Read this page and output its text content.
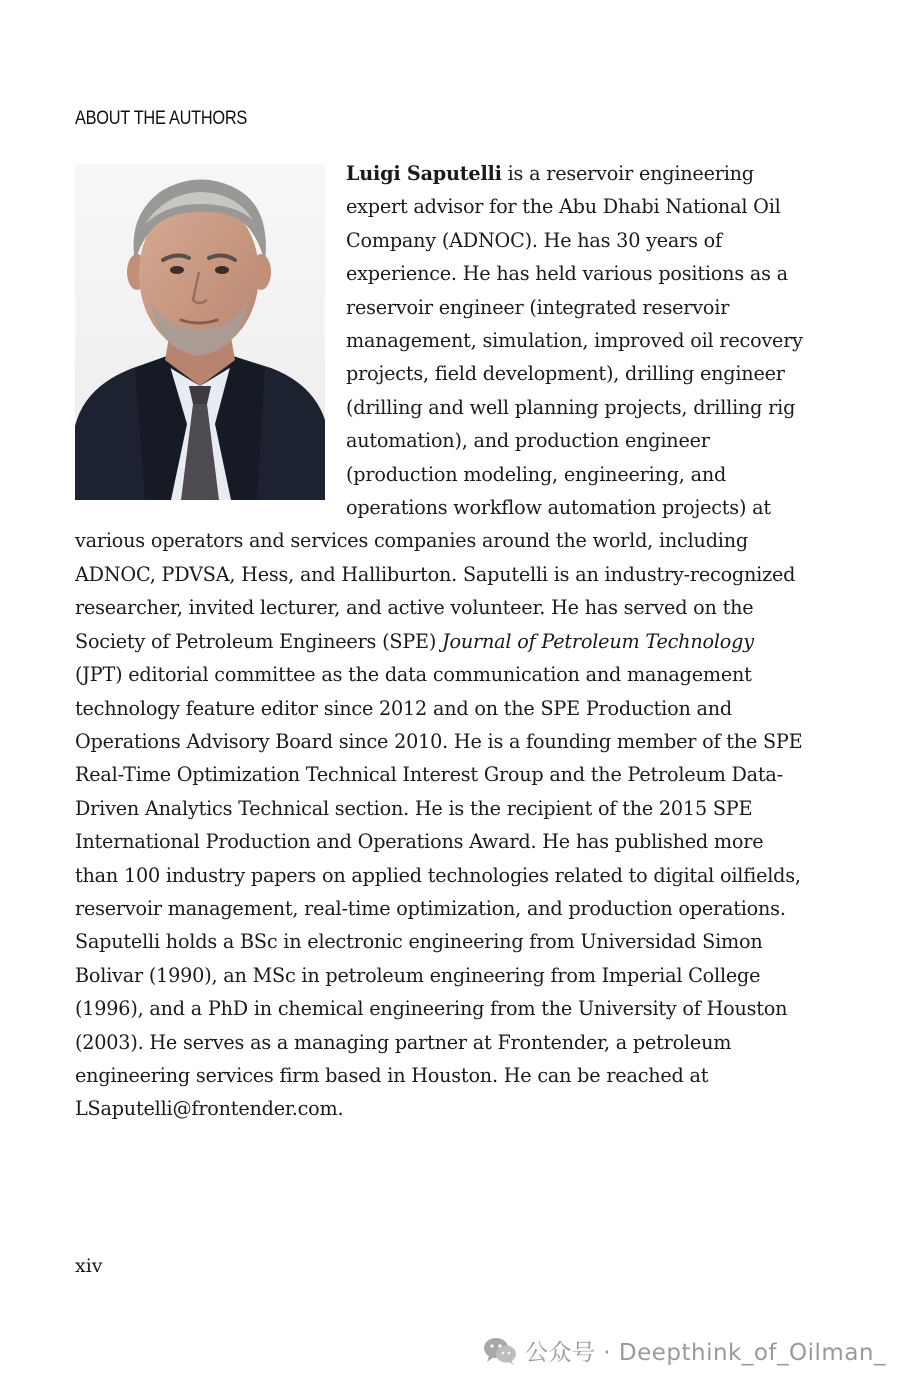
ABOUT THE AUTHORS

Luigi Saputelli is a reservoir engineering expert advisor for the Abu Dhabi National Oil Company (ADNOC). He has 30 years of experience. He has held various positions as a reservoir engineer (integrated reservoir management, simulation, improved oil recovery projects, field development), drilling engineer (drilling and well planning projects, drilling rig automation), and production engineer (production modeling, engineering, and operations workflow automation projects) at various operators and services companies around the world, including ADNOC, PDVSA, Hess, and Halliburton. Saputelli is an industry-recognized researcher, invited lecturer, and active volunteer. He has served on the Society of Petroleum Engineers (SPE) Journal of Petroleum Technology (JPT) editorial committee as the data communication and management technology feature editor since 2012 and on the SPE Production and Operations Advisory Board since 2010. He is a founding member of the SPE Real-Time Optimization Technical Interest Group and the Petroleum Data-Driven Analytics Technical section. He is the recipient of the 2015 SPE International Production and Operations Award. He has published more than 100 industry papers on applied technologies related to digital oilfields, reservoir management, real-time optimization, and production operations. Saputelli holds a BSc in electronic engineering from Universidad Simon Bolivar (1990), an MSc in petroleum engineering from Imperial College (1996), and a PhD in chemical engineering from the University of Houston (2003). He serves as a managing partner at Frontender, a petroleum engineering services firm based in Houston. He can be reached at LSaputelli@frontender.com.

xiv

公众号 · Deepthink_of_Oilman_
